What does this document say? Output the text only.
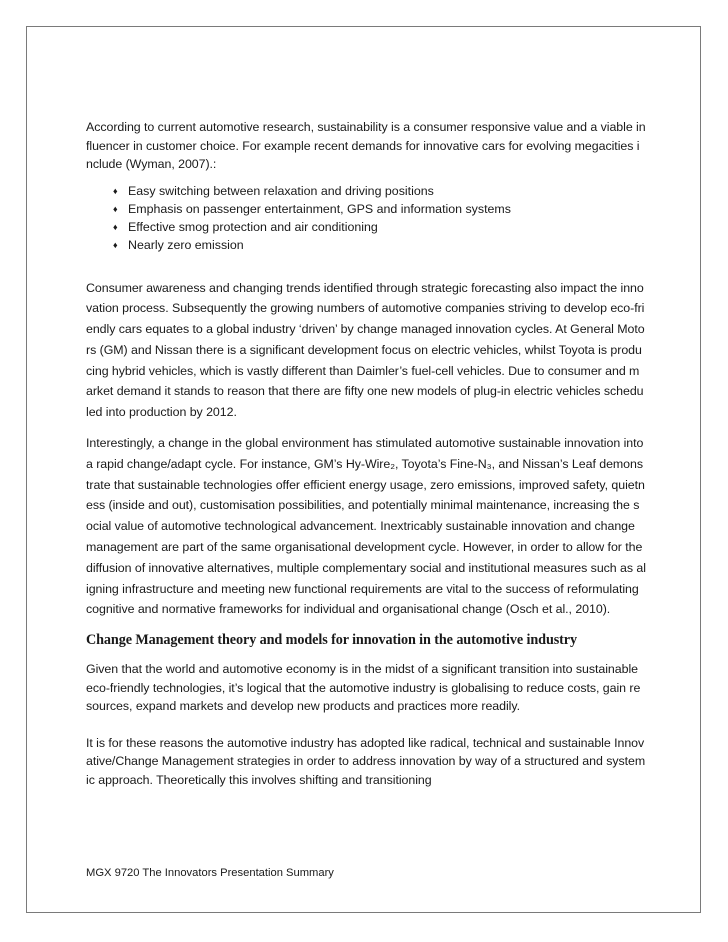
According to current automotive research, sustainability is a consumer responsive value and a viable influencer in customer choice. For example recent demands for innovative cars for evolving megacities include (Wyman, 2007).:

♦ Easy switching between relaxation and driving positions
♦ Emphasis on passenger entertainment, GPS and information systems
♦ Effective smog protection and air conditioning
♦ Nearly zero emission

Consumer awareness and changing trends identified through strategic forecasting also impact the innovation process. Subsequently the growing numbers of automotive companies striving to develop eco-friendly cars equates to a global industry ‘driven’ by change managed innovation cycles. At General Motors (GM) and Nissan there is a significant development focus on electric vehicles, whilst Toyota is producing hybrid vehicles, which is vastly different than Daimler’s fuel-cell vehicles. Due to consumer and market demand it stands to reason that there are fifty one new models of plug-in electric vehicles scheduled into production by 2012.

Interestingly, a change in the global environment has stimulated automotive sustainable innovation into a rapid change/adapt cycle. For instance, GM’s Hy-Wire₂, Toyota’s Fine-N₃, and Nissan’s Leaf demonstrate that sustainable technologies offer efficient energy usage, zero emissions, improved safety, quietness (inside and out), customisation possibilities, and potentially minimal maintenance, increasing the social value of automotive technological advancement. Inextricably sustainable innovation and change management are part of the same organisational development cycle. However, in order to allow for the diffusion of innovative alternatives, multiple complementary social and institutional measures such as aligning infrastructure and meeting new functional requirements are vital to the success of reformulating cognitive and normative frameworks for individual and organisational change (Osch et al., 2010).

Change Management theory and models for innovation in the automotive industry

Given that the world and automotive economy is in the midst of a significant transition into sustainable eco-friendly technologies, it’s logical that the automotive industry is globalising to reduce costs, gain resources, expand markets and develop new products and practices more readily.

It is for these reasons the automotive industry has adopted like radical, technical and sustainable Innovative/Change Management strategies in order to address innovation by way of a structured and systemic approach. Theoretically this involves shifting and transitioning

MGX 9720 The Innovators Presentation Summary
